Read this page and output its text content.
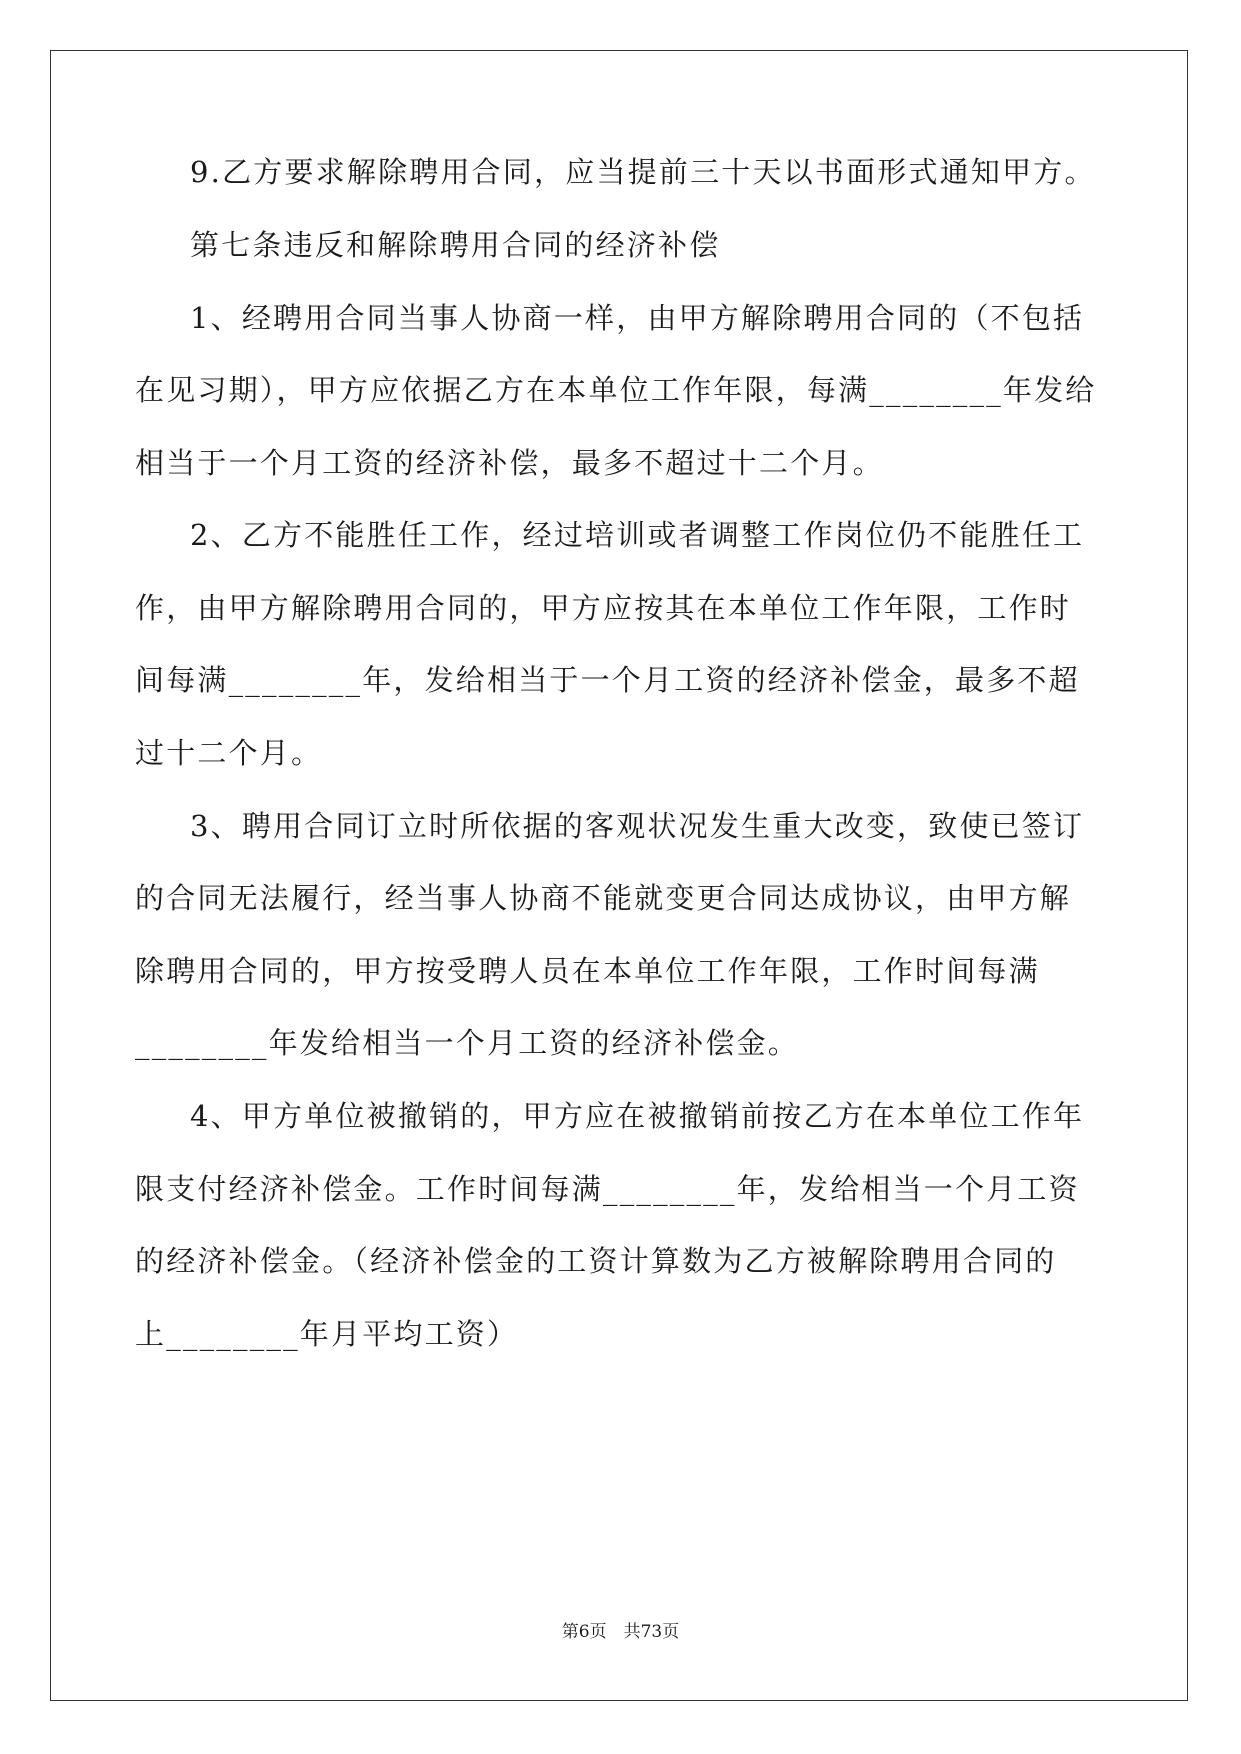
9.乙方要求解除聘用合同，应当提前三十天以书面形式通知甲方。
第七条违反和解除聘用合同的经济补偿
1、经聘用合同当事人协商一样，由甲方解除聘用合同的（不包括
在见习期），甲方应依据乙方在本单位工作年限，每满________年发给
相当于一个月工资的经济补偿，最多不超过十二个月。
2、乙方不能胜任工作，经过培训或者调整工作岗位仍不能胜任工
作，由甲方解除聘用合同的，甲方应按其在本单位工作年限，工作时
间每满________年，发给相当于一个月工资的经济补偿金，最多不超
过十二个月。
3、聘用合同订立时所依据的客观状况发生重大改变，致使已签订
的合同无法履行，经当事人协商不能就变更合同达成协议，由甲方解
除聘用合同的，甲方按受聘人员在本单位工作年限，工作时间每满
________年发给相当一个月工资的经济补偿金。
4、甲方单位被撤销的，甲方应在被撤销前按乙方在本单位工作年
限支付经济补偿金。工作时间每满________年，发给相当一个月工资
的经济补偿金。（经济补偿金的工资计算数为乙方被解除聘用合同的
上________年月平均工资）
第6页　共73页
